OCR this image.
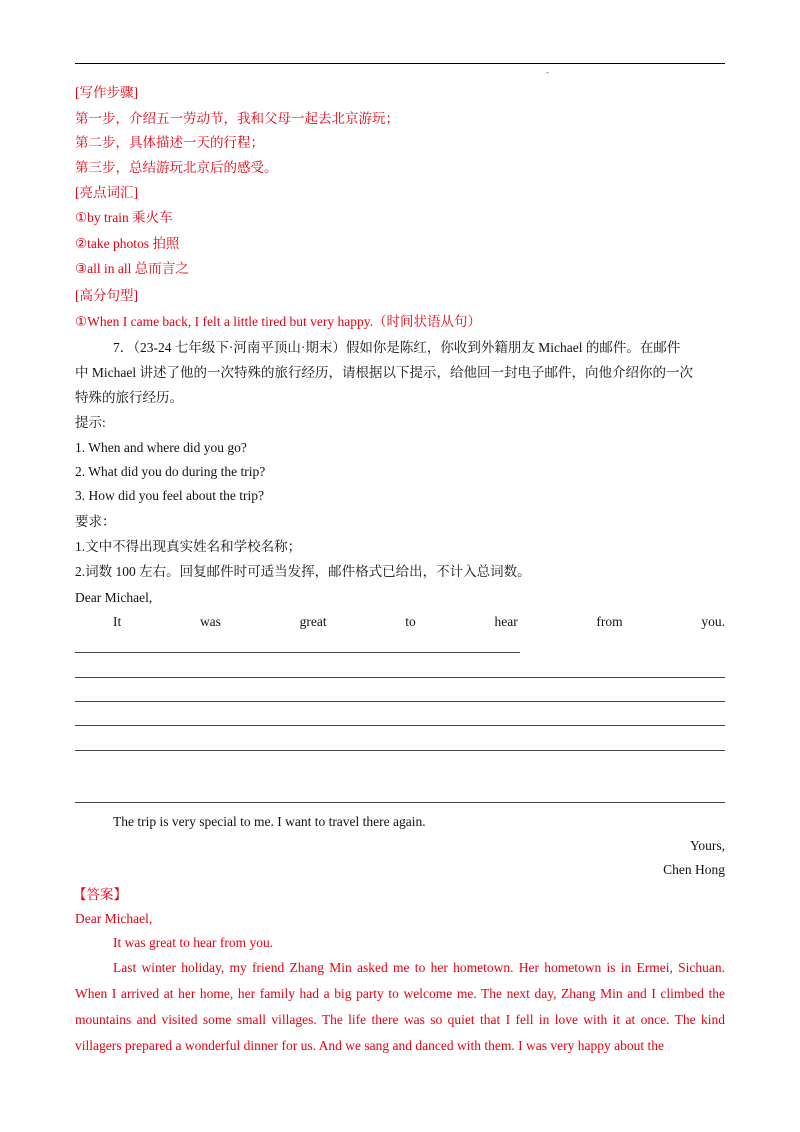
-
[写作步骤]
第一步，介绍五一劳动节，我和父母一起去北京游玩；
第二步，具体描述一天的行程；
第三步，总结游玩北京后的感受。
[亮点词汇]
①by train 乘火车
②take photos 拍照
③all in all 总而言之
[高分句型]
①When I came back, I felt a little tired but very happy.（时间状语从句）
7．（23-24 七年级下·河南平顶山·期末）假如你是陈红，你收到外籍朋友 Michael 的邮件。在邮件
中 Michael 讲述了他的一次特殊的旅行经历，请根据以下提示，给他回一封电子邮件，向他介绍你的一次
特殊的旅行经历。
提示:
1. When and where did you go?
2. What did you do during the trip?
3. How did you feel about the trip?
要求：
1.文中不得出现真实姓名和学校名称；
2.词数 100 左右。回复邮件时可适当发挥，邮件格式已给出，不计入总词数。
Dear Michael,
It	was	great	to	hear	from	you.
The trip is very special to me. I want to travel there again.
Yours,
Chen Hong
【答案】
Dear Michael,
It was great to hear from you.
Last winter holiday, my friend Zhang Min asked me to her hometown. Her hometown is in Ermei, Sichuan. When I arrived at her home, her family had a big party to welcome me. The next day, Zhang Min and I climbed the mountains and visited some small villages. The life there was so quiet that I fell in love with it at once. The kind villagers prepared a wonderful dinner for us. And we sang and danced with them. I was very happy about the
